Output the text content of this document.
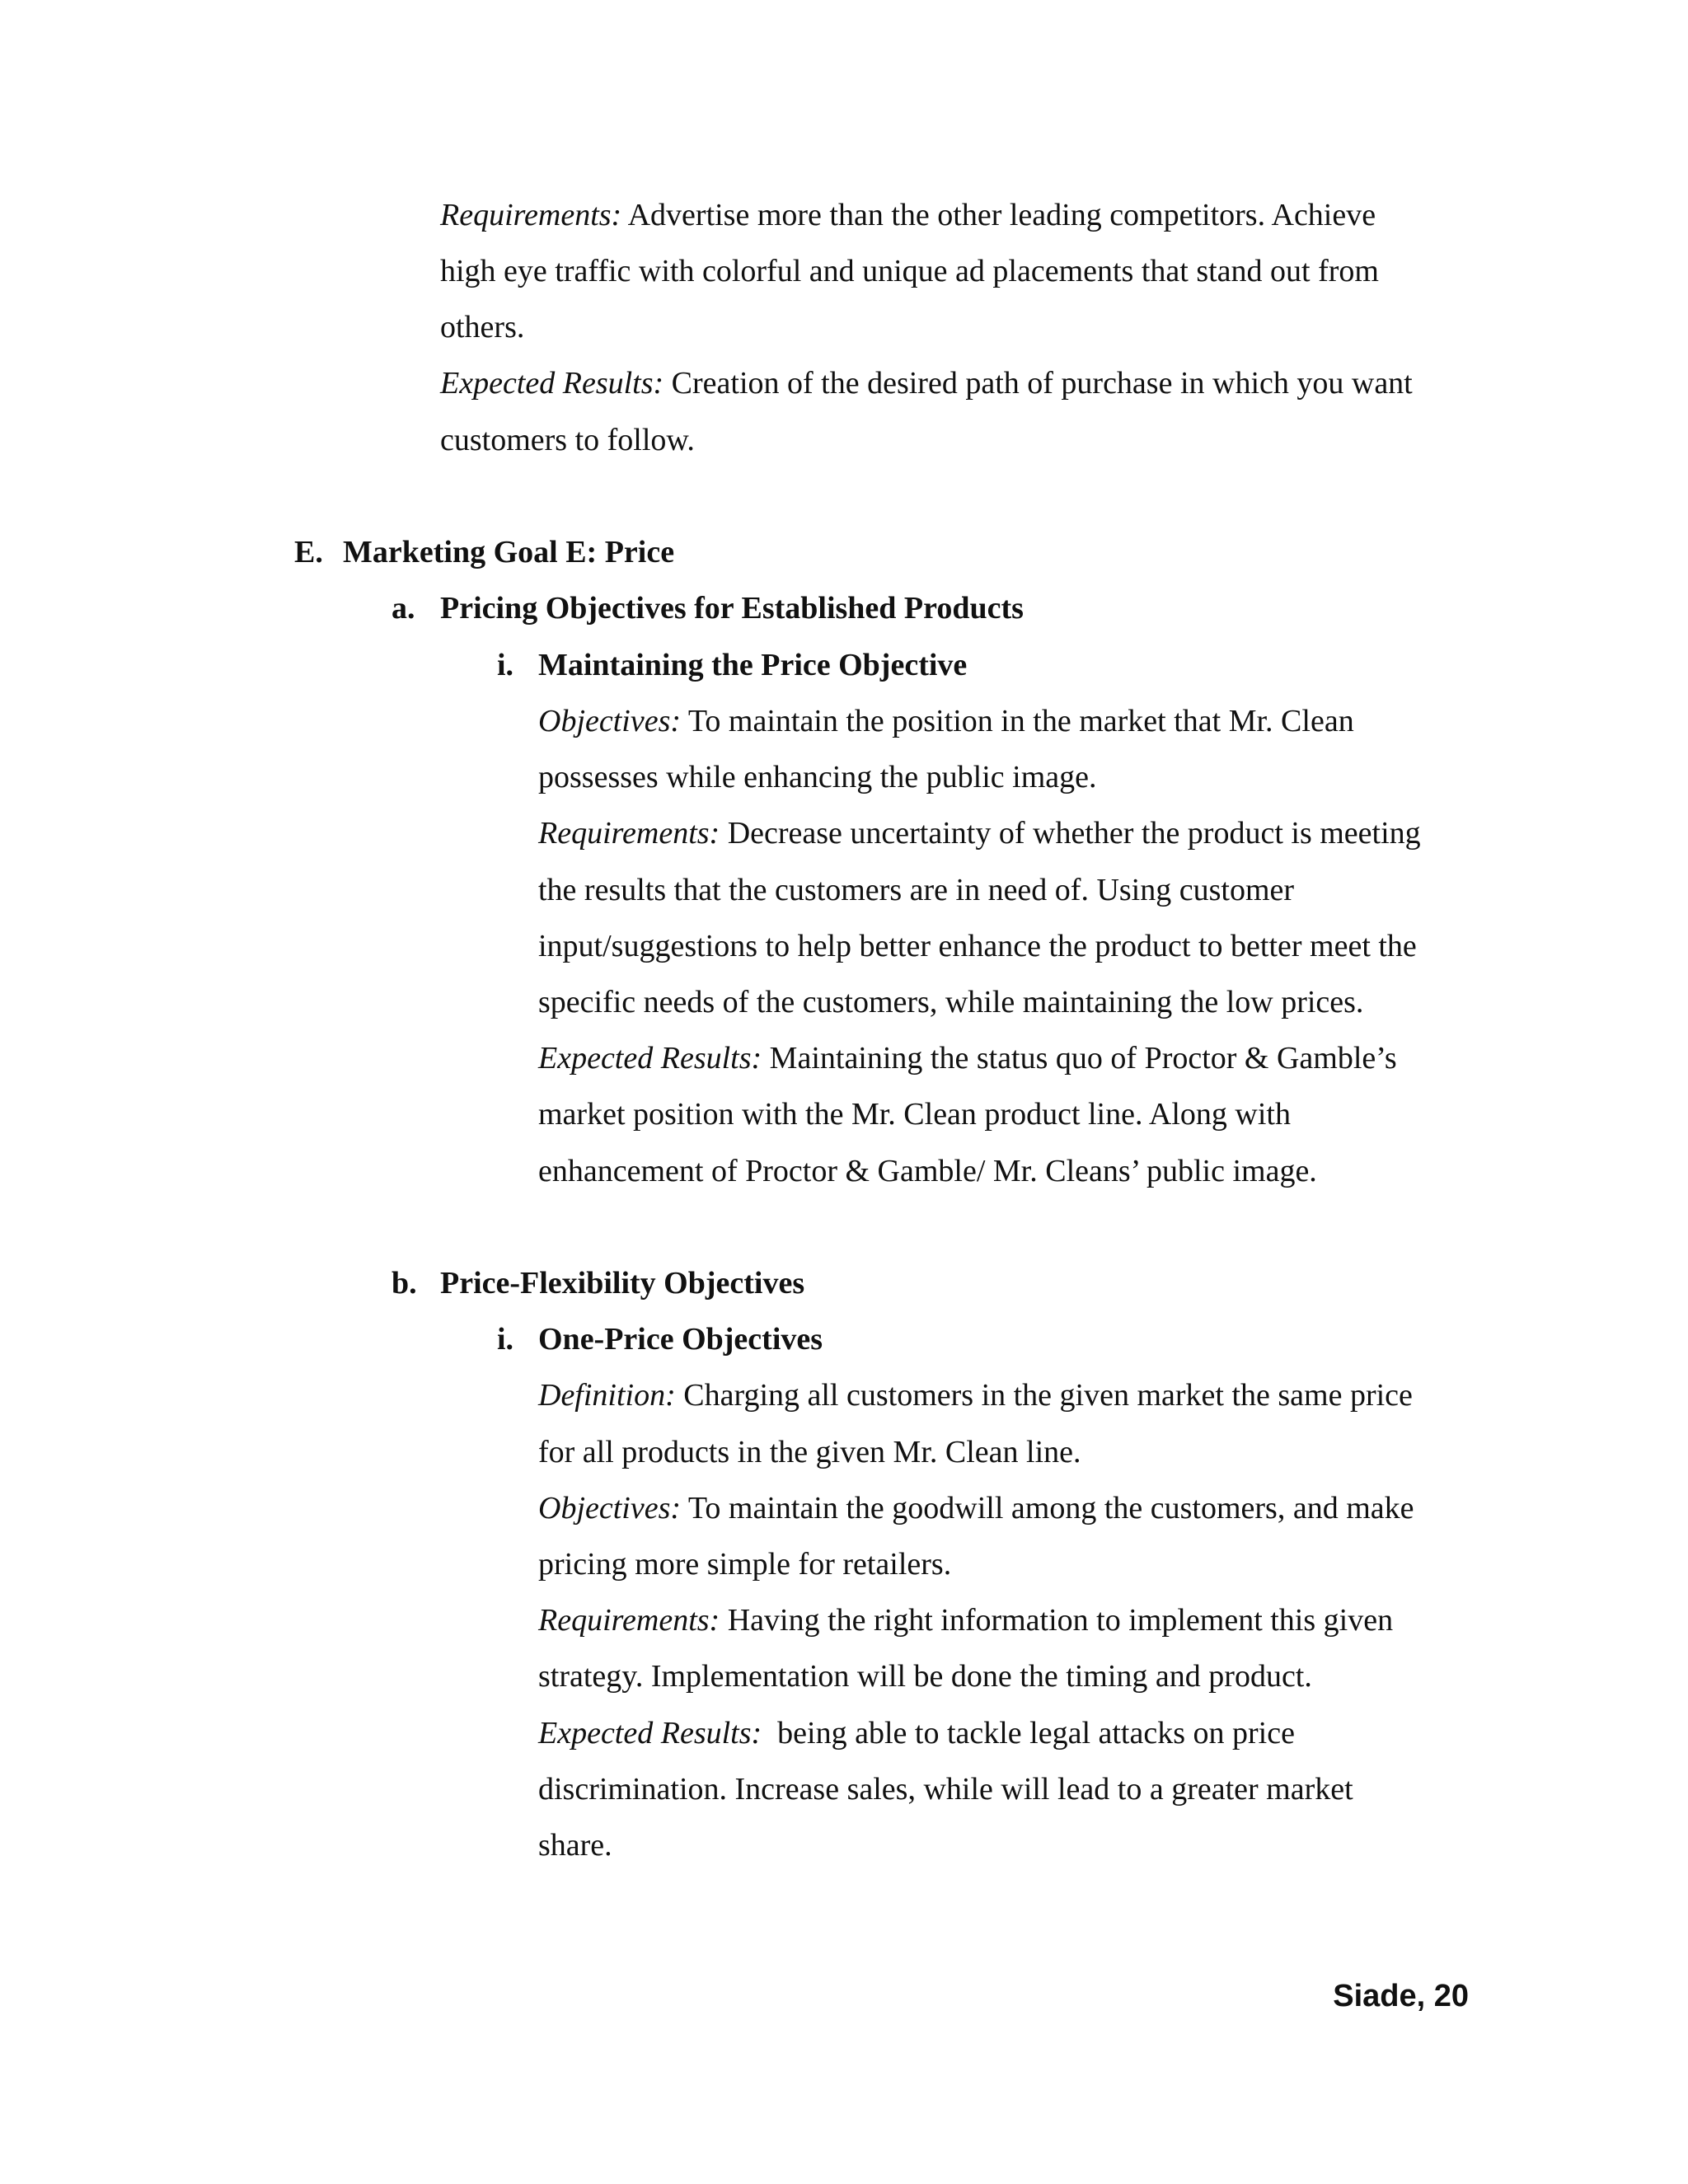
Requirements: Advertise more than the other leading competitors. Achieve
high eye traffic with colorful and unique ad placements that stand out from
others.
Expected Results: Creation of the desired path of purchase in which you want
customers to follow.
E. Marketing Goal E: Price
a. Pricing Objectives for Established Products
i. Maintaining the Price Objective
Objectives: To maintain the position in the market that Mr. Clean
possesses while enhancing the public image.
Requirements: Decrease uncertainty of whether the product is meeting
the results that the customers are in need of. Using customer
input/suggestions to help better enhance the product to better meet the
specific needs of the customers, while maintaining the low prices.
Expected Results: Maintaining the status quo of Proctor & Gamble’s
market position with the Mr. Clean product line. Along with
enhancement of Proctor & Gamble/ Mr. Cleans’ public image.
b. Price-Flexibility Objectives
i. One-Price Objectives
Definition: Charging all customers in the given market the same price
for all products in the given Mr. Clean line.
Objectives: To maintain the goodwill among the customers, and make
pricing more simple for retailers.
Requirements: Having the right information to implement this given
strategy. Implementation will be done the timing and product.
Expected Results:  being able to tackle legal attacks on price
discrimination. Increase sales, while will lead to a greater market
share.
Siade, 20
